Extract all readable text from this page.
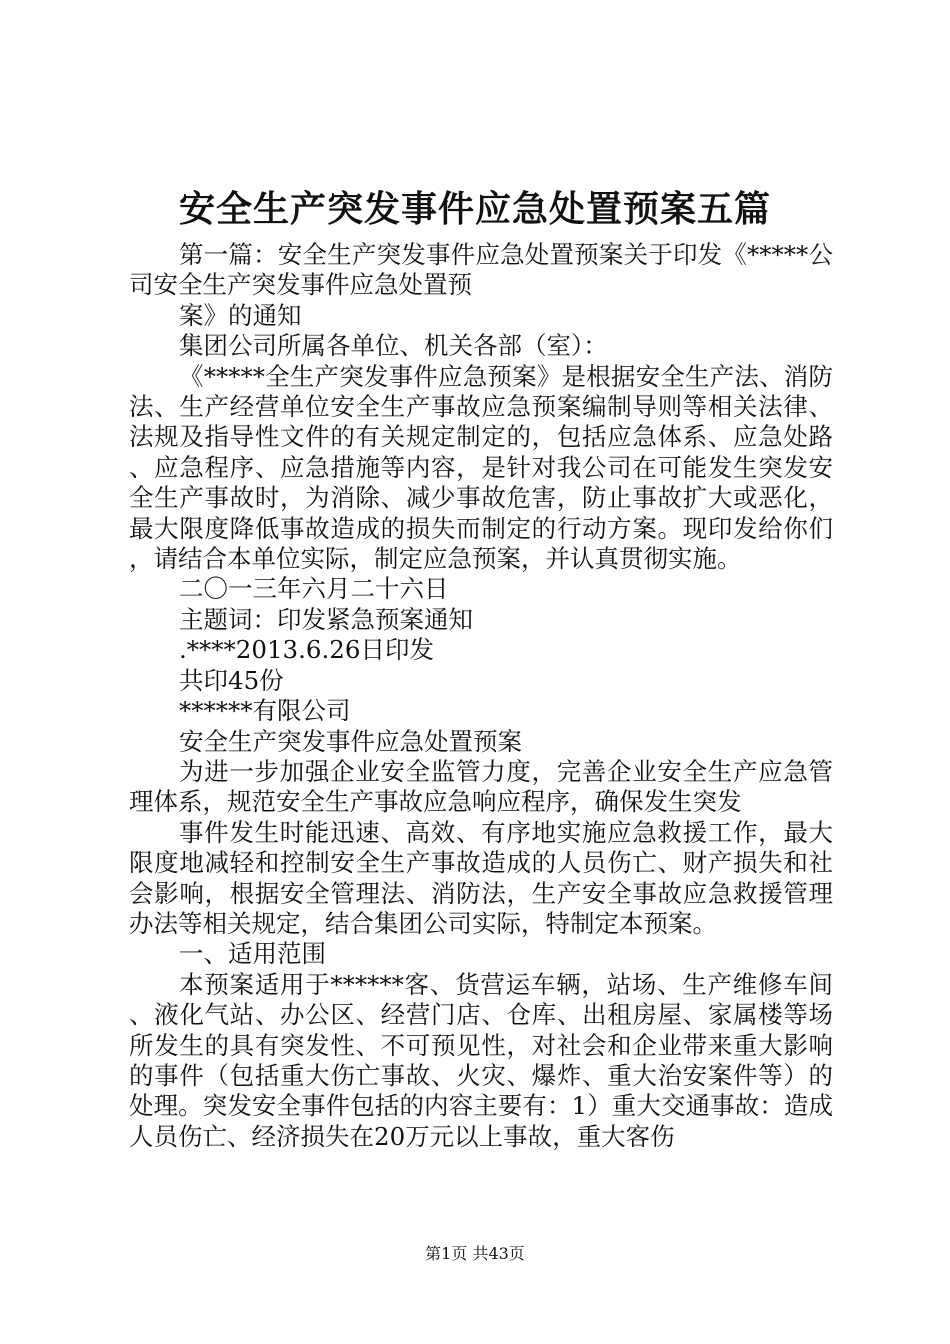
安全生产突发事件应急处置预案五篇

第一篇：安全生产突发事件应急处置预案关于印发《*****公司安全生产突发事件应急处置预

案》的通知

集团公司所属各单位、机关各部（室）：

《*****全生产突发事件应急预案》是根据安全生产法、消防法、生产经营单位安全生产事故应急预案编制导则等相关法律、法规及指导性文件的有关规定制定的，包括应急体系、应急处路、应急程序、应急措施等内容，是针对我公司在可能发生突发安全生产事故时，为消除、减少事故危害，防止事故扩大或恶化，最大限度降低事故造成的损失而制定的行动方案。现印发给你们，请结合本单位实际，制定应急预案，并认真贯彻实施。

二〇一三年六月二十六日

主题词：印发紧急预案通知

.****2013.6.26日印发

共印45份

******有限公司

安全生产突发事件应急处置预案

为进一步加强企业安全监管力度，完善企业安全生产应急管理体系，规范安全生产事故应急响应程序，确保发生突发

事件发生时能迅速、高效、有序地实施应急救援工作，最大限度地减轻和控制安全生产事故造成的人员伤亡、财产损失和社会影响，根据安全管理法、消防法，生产安全事故应急救援管理办法等相关规定，结合集团公司实际，特制定本预案。

一、适用范围

本预案适用于******客、货营运车辆，站场、生产维修车间、液化气站、办公区、经营门店、仓库、出租房屋、家属楼等场所发生的具有突发性、不可预见性，对社会和企业带来重大影响的事件（包括重大伤亡事故、火灾、爆炸、重大治安案件等）的处理。突发安全事件包括的内容主要有：1）重大交通事故：造成人员伤亡、经济损失在20万元以上事故，重大客伤

第1页 共43页
